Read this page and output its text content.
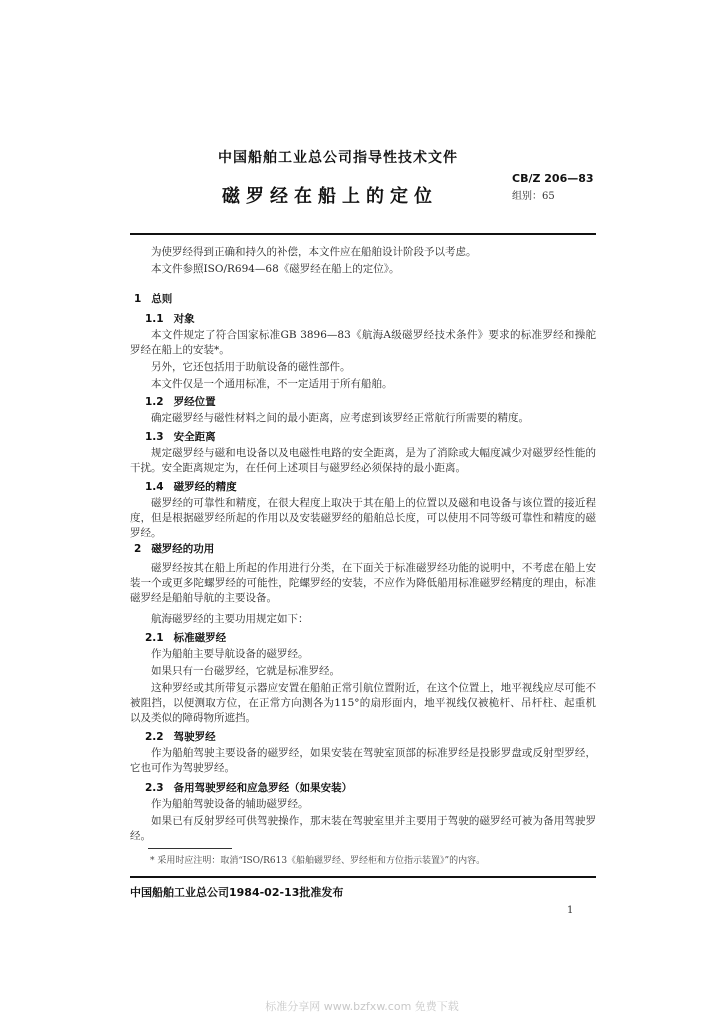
中国船舶工业总公司指导性技术文件
磁罗经在船上的定位
CB/Z 206—83
组别：65
为使罗经得到正确和持久的补偿，本文件应在船舶设计阶段予以考虑。
本文件参照ISO/R694—68《磁罗经在船上的定位》。
1 总则
1.1 对象
本文件规定了符合国家标准GB 3896—83《航海A级磁罗经技术条件》要求的标准罗经和操舵罗经在船上的安装*。
另外，它还包括用于助航设备的磁性部件。
本文件仅是一个通用标准，不一定适用于所有船舶。
1.2 罗经位置
确定磁罗经与磁性材料之间的最小距离，应考虑到该罗经正常航行所需要的精度。
1.3 安全距离
规定磁罗经与磁和电设备以及电磁性电路的安全距离，是为了消除或大幅度减少对磁罗经性能的干扰。安全距离规定为，在任何上述项目与磁罗经必须保持的最小距离。
1.4 磁罗经的精度
磁罗经的可靠性和精度，在很大程度上取决于其在船上的位置以及磁和电设备与该位置的接近程度，但是根据磁罗经所起的作用以及安装磁罗经的船舶总长度，可以使用不同等级可靠性和精度的磁罗经。
2 磁罗经的功用
磁罗经按其在船上所起的作用进行分类，在下面关于标准磁罗经功能的说明中，不考虑在船上安装一个或更多陀螺罗经的可能性，陀螺罗经的安装，不应作为降低船用标准磁罗经精度的理由，标准磁罗经是船舶导航的主要设备。
航海磁罗经的主要功用规定如下：
2.1 标准磁罗经
作为船舶主要导航设备的磁罗经。
如果只有一台磁罗经，它就是标准罗经。
这种罗经或其所带复示器应安置在船舶正常引航位置附近，在这个位置上，地平视线应尽可能不被阻挡，以便测取方位，在正常方向测各为115°的扇形面内，地平视线仅被桅杆、吊杆柱、起重机以及类似的障碍物所遮挡。
2.2 驾驶罗经
作为船舶驾驶主要设备的磁罗经，如果安装在驾驶室顶部的标准罗经是投影罗盘或反射型罗经，它也可作为驾驶罗经。
2.3 备用驾驶罗经和应急罗经（如果安装）
作为船舶驾驶设备的辅助磁罗经。
如果已有反射罗经可供驾驶操作，那末装在驾驶室里并主要用于驾驶的磁罗经可被为备用驾驶罗经。
* 采用时应注明：取消“ISO/R613《船舶磁罗经、罗经柜和方位指示装置》”的内容。
中国船舶工业总公司1984-02-13批准发布
1
标准分享网 www.bzfxw.com 免费下载
